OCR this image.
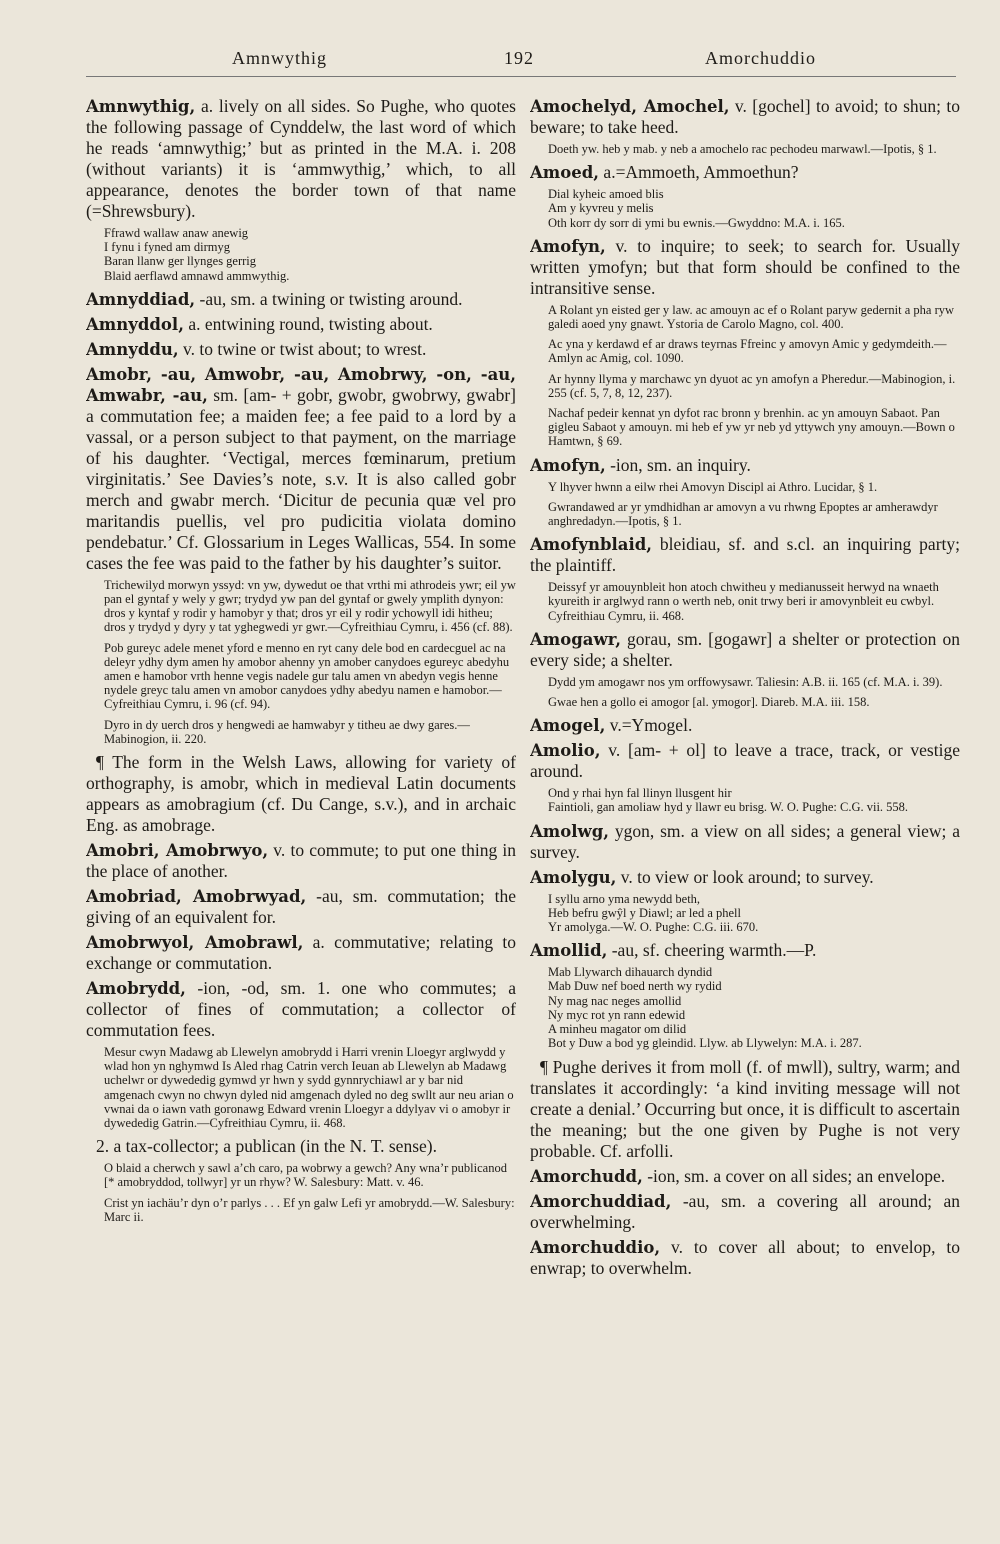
Amnwythig	192	Amorchuddio
Amnwythig, a. lively on all sides. So Pughe, who quotes the following passage of Cynddelw, the last word of which he reads ‘amnwythig;’ but as printed in the M.A. i. 208 (without variants) it is ‘ammwythig,’ which, to all appearance, denotes the border town of that name (=Shrewsbury).
Ffrawd wallaw anaw anewig
I fynu i fyned am dirmyg
Baran llanw ger llynges gerrig
Blaid aerflawd amnawd ammwythig.
Amnyddiad, -au, sm. a twining or twisting around.
Amnyddol, a. entwining round, twisting about.
Amnyddu, v. to twine or twist about; to wrest.
Amobr, -au, Amwobr, -au, Amobrwy, -on, -au, Amwabr, -au, sm. [am- + gobr, gwobr, gwobrwy, gwabr] a commutation fee; a maiden fee; a fee paid to a lord by a vassal, or a person subject to that payment, on the marriage of his daughter. ‘Vectigal, merces fœminarum, pretium virginitatis.’ See Davies’s note, s.v. It is also called gobr merch and gwabr merch. ‘Dicitur de pecunia quæ vel pro maritandis puellis, vel pro pudicitia violata domino pendebatur.’ Cf. Glossarium in Leges Wallicas, 554. In some cases the fee was paid to the father by his daughter’s suitor.
Trichewilyd morwyn yssyd: vn yw, dywedut oe that vrthi mi athrodeis ywr; eil yw pan el gyntaf y wely y gwr; trydyd yw pan del gyntaf or gwely ymplith dynyon: dros y kyntaf y rodir y hamobyr y that; dros yr eil y rodir ychowyll idi hitheu; dros y trydyd y dyry y tat yghegwedi yr gwr.—Cyfreithiau Cymru, i. 456 (cf. 88).
Pob gureyc adele menet yford e menno en ryt cany dele bod en cardecguel ac na deleyr ydhy dym amen hy amobor ahenny yn amober canydoes egureyc abedyhu amen e hamobor vrth henne vegis nadele gur talu amen vn abedyn vegis henne nydele greyc talu amen vn amobor canydoes ydhy abedyu namen e hamobor.—Cyfreithiau Cymru, i. 96 (cf. 94).
Dyro in dy uerch dros y hengwedi ae hamwabyr y titheu ae dwy gares.—Mabinogion, ii. 220.
¶ The form in the Welsh Laws, allowing for variety of orthography, is amobr, which in medieval Latin documents appears as amobragium (cf. Du Cange, s.v.), and in archaic Eng. as amobrage.
Amobri, Amobrwyo, v. to commute; to put one thing in the place of another.
Amobriad, Amobrwyad, -au, sm. commutation; the giving of an equivalent for.
Amobrwyol, Amobrawl, a. commutative; relating to exchange or commutation.
Amobrydd, -ion, -od, sm. 1. one who commutes; a collector of fines of commutation; a collector of commutation fees.
Mesur cwyn Madawg ab Llewelyn amobrydd i Harri vrenin Lloegyr arglwydd y wlad hon yn nghymwd Is Aled rhag Catrin verch Ieuan ab Llewelyn ab Madawg uchelwr or dywededig gymwd yr hwn y sydd gynnrychiawl ar y bar nid amgenach cwyn no chwyn dyled nid amgenach dyled no deg swllt aur neu arian o vwnai da o iawn vath goronawg Edward vrenin Lloegyr a ddylyav vi o amobyr ir dywededig Gatrin.—Cyfreithiau Cymru, ii. 468.
2. a tax-collector; a publican (in the N. T. sense).
O blaid a cherwch y sawl a’ch caro, pa wobrwy a gewch? Any wna’r publicanod [* amobryddod, tollwyr] yr un rhyw? W. Salesbury: Matt. v. 46.
Crist yn iachäu’r dyn o’r parlys . . . Ef yn galw Lefi yr amobrydd.—W. Salesbury: Marc ii.
Amochelyd, Amochel, v. [gochel] to avoid; to shun; to beware; to take heed.
Doeth yw. heb y mab. y neb a amochelo rac pechodeu marwawl.—Ipotis, § 1.
Amoed, a.=Ammoeth, Ammoethun?
Dial kyheic amoed blis
Am y kyvreu y melis
Oth korr dy sorr di ymi bu ewnis.—Gwyddno: M.A. i. 165.
Amofyn, v. to inquire; to seek; to search for. Usually written ymofyn; but that form should be confined to the intransitive sense.
A Rolant yn eisted ger y law. ac amouyn ac ef o Rolant paryw gedernit a pha ryw galedi aoed yny gnawt. Ystoria de Carolo Magno, col. 400.
Ac yna y kerdawd ef ar draws teyrnas Ffreinc y amovyn Amic y gedymdeith.—Amlyn ac Amig, col. 1090.
Ar hynny llyma y marchawc yn dyuot ac yn amofyn a Pheredur.—Mabinogion, i. 255 (cf. 5, 7, 8, 12, 237).
Nachaf pedeir kennat yn dyfot rac bronn y brenhin. ac yn amouyn Sabaot. Pan gigleu Sabaot y amouyn. mi heb ef yw yr neb yd yttywch yny amouyn.—Bown o Hamtwn, § 69.
Amofyn, -ion, sm. an inquiry.
Y lhyver hwnn a eilw rhei Amovyn Discipl ai Athro. Lucidar, § 1.
Gwrandawed ar yr ymdhidhan ar amovyn a vu rhwng Epoptes ar amherawdyr anghredadyn.—Ipotis, § 1.
Amofynblaid, bleidiau, sf. and s.cl. an inquiring party; the plaintiff.
Deissyf yr amouynbleit hon atoch chwitheu y medianusseit herwyd na wnaeth kyureith ir arglwyd rann o werth neb, onit trwy beri ir amovynbleit eu cwbyl. Cyfreithiau Cymru, ii. 468.
Amogawr, gorau, sm. [gogawr] a shelter or protection on every side; a shelter.
Dydd ym amogawr nos ym orffowysawr. Taliesin: A.B. ii. 165 (cf. M.A. i. 39).
Gwae hen a gollo ei amogor [al. ymogor]. Diareb. M.A. iii. 158.
Amogel, v.=Ymogel.
Amolio, v. [am- + ol] to leave a trace, track, or vestige around.
Ond y rhai hyn fal llinyn llusgent hir
Faintioli, gan amoliaw hyd y llawr eu brisg. W. O. Pughe: C.G. vii. 558.
Amolwg, ygon, sm. a view on all sides; a general view; a survey.
Amolygu, v. to view or look around; to survey.
I syllu arno yma newydd beth,
Heb befru gwŷl y Diawl; ar led a phell
Yr amolyga.—W. O. Pughe: C.G. iii. 670.
Amollid, -au, sf. cheering warmth.—P.
Mab Llywarch dihauarch dyndid
Mab Duw nef boed nerth wy rydid
Ny mag nac neges amollid
Ny myc rot yn rann edewid
A minheu magator om dilid
Bot y Duw a bod yg gleindid. Llyw. ab Llywelyn: M.A. i. 287.
¶ Pughe derives it from moll (f. of mwll), sultry, warm; and translates it accordingly: ‘a kind inviting message will not create a denial.’ Occurring but once, it is difficult to ascertain the meaning; but the one given by Pughe is not very probable. Cf. arfolli.
Amorchudd, -ion, sm. a cover on all sides; an envelope.
Amorchuddiad, -au, sm. a covering all around; an overwhelming.
Amorchuddio, v. to cover all about; to envelop, to enwrap; to overwhelm.
